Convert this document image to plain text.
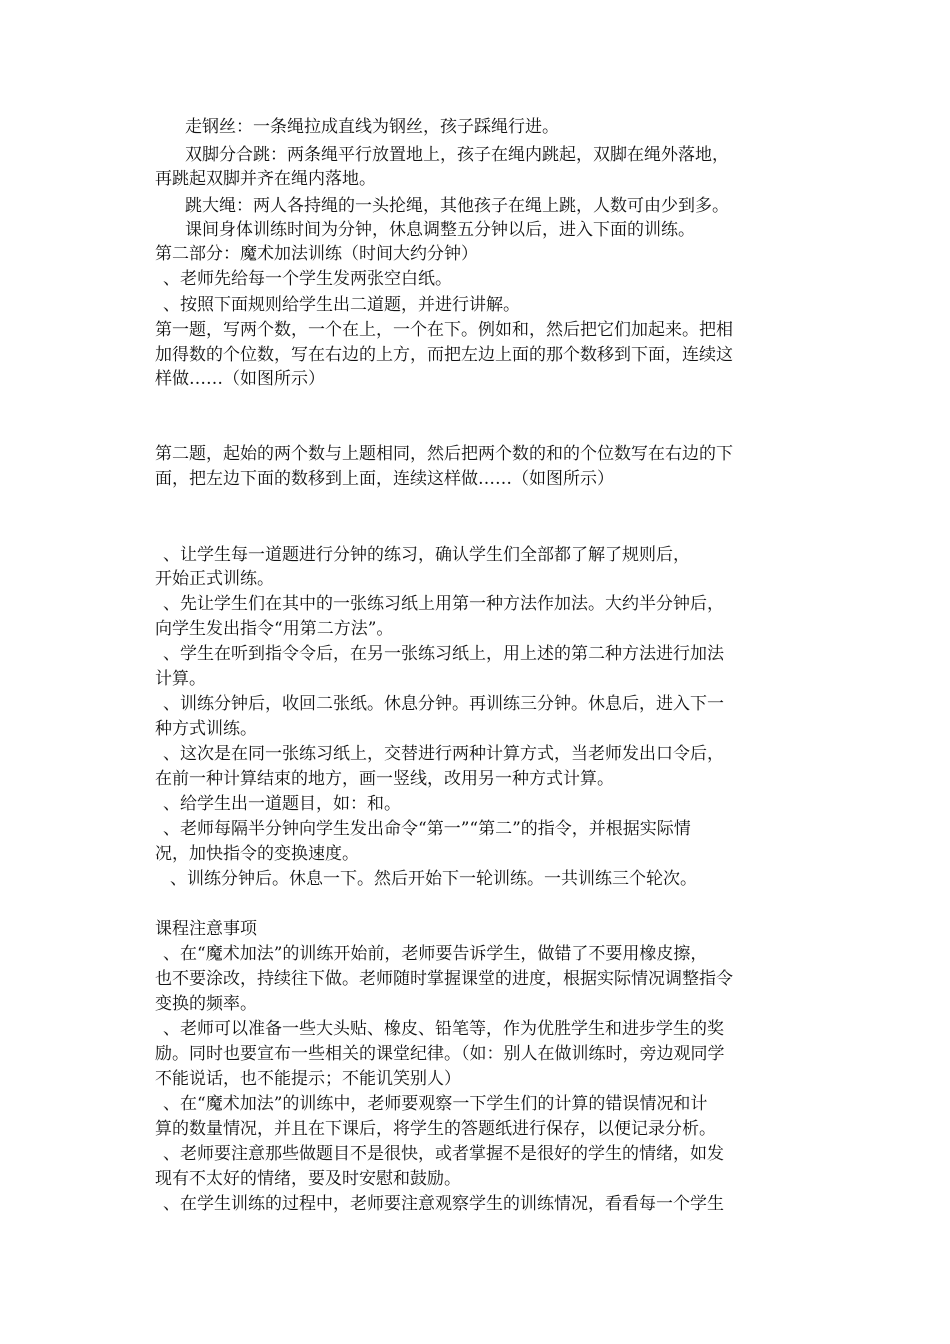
走钢丝：一条绳拉成直线为钢丝，孩子踩绳行进。

双脚分合跳：两条绳平行放置地上，孩子在绳内跳起，双脚在绳外落地，

再跳起双脚并齐在绳内落地。

跳大绳：两人各持绳的一头抡绳，其他孩子在绳上跳，人数可由少到多。

课间身体训练时间为分钟，休息调整五分钟以后，进入下面的训练。

第二部分：魔术加法训练（时间大约分钟）

、老师先给每一个学生发两张空白纸。

、按照下面规则给学生出二道题，并进行讲解。

第一题，写两个数，一个在上，一个在下。例如和，然后把它们加起来。把相

加得数的个位数，写在右边的上方，而把左边上面的那个数移到下面，连续这

样做……（如图所示）

第二题，起始的两个数与上题相同，然后把两个数的和的个位数写在右边的下

面，把左边下面的数移到上面，连续这样做……（如图所示）

、让学生每一道题进行分钟的练习，确认学生们全部都了解了规则后，

开始正式训练。

、先让学生们在其中的一张练习纸上用第一种方法作加法。大约半分钟后，

向学生发出指令“用第二方法”。

、学生在听到指令令后，在另一张练习纸上，用上述的第二种方法进行加法

计算。

、训练分钟后，收回二张纸。休息分钟。再训练三分钟。休息后，进入下一

种方式训练。

、这次是在同一张练习纸上，交替进行两种计算方式，当老师发出口令后，

在前一种计算结束的地方，画一竖线，改用另一种方式计算。

、给学生出一道题目，如：和。

、老师每隔半分钟向学生发出命令“第一”“第二”的指令，并根据实际情

况，加快指令的变换速度。

、训练分钟后。休息一下。然后开始下一轮训练。一共训练三个轮次。

课程注意事项

、在“魔术加法”的训练开始前，老师要告诉学生，做错了不要用橡皮擦，

也不要涂改，持续往下做。老师随时掌握课堂的进度，根据实际情况调整指令

变换的频率。

、老师可以准备一些大头贴、橡皮、铅笔等，作为优胜学生和进步学生的奖

励。同时也要宣布一些相关的课堂纪律。（如：别人在做训练时，旁边观同学

不能说话，也不能提示；不能讥笑别人）

、在“魔术加法”的训练中，老师要观察一下学生们的计算的错误情况和计

算的数量情况，并且在下课后，将学生的答题纸进行保存，以便记录分析。

、老师要注意那些做题目不是很快，或者掌握不是很好的学生的情绪，如发

现有不太好的情绪，要及时安慰和鼓励。

、在学生训练的过程中，老师要注意观察学生的训练情况，看看每一个学生
